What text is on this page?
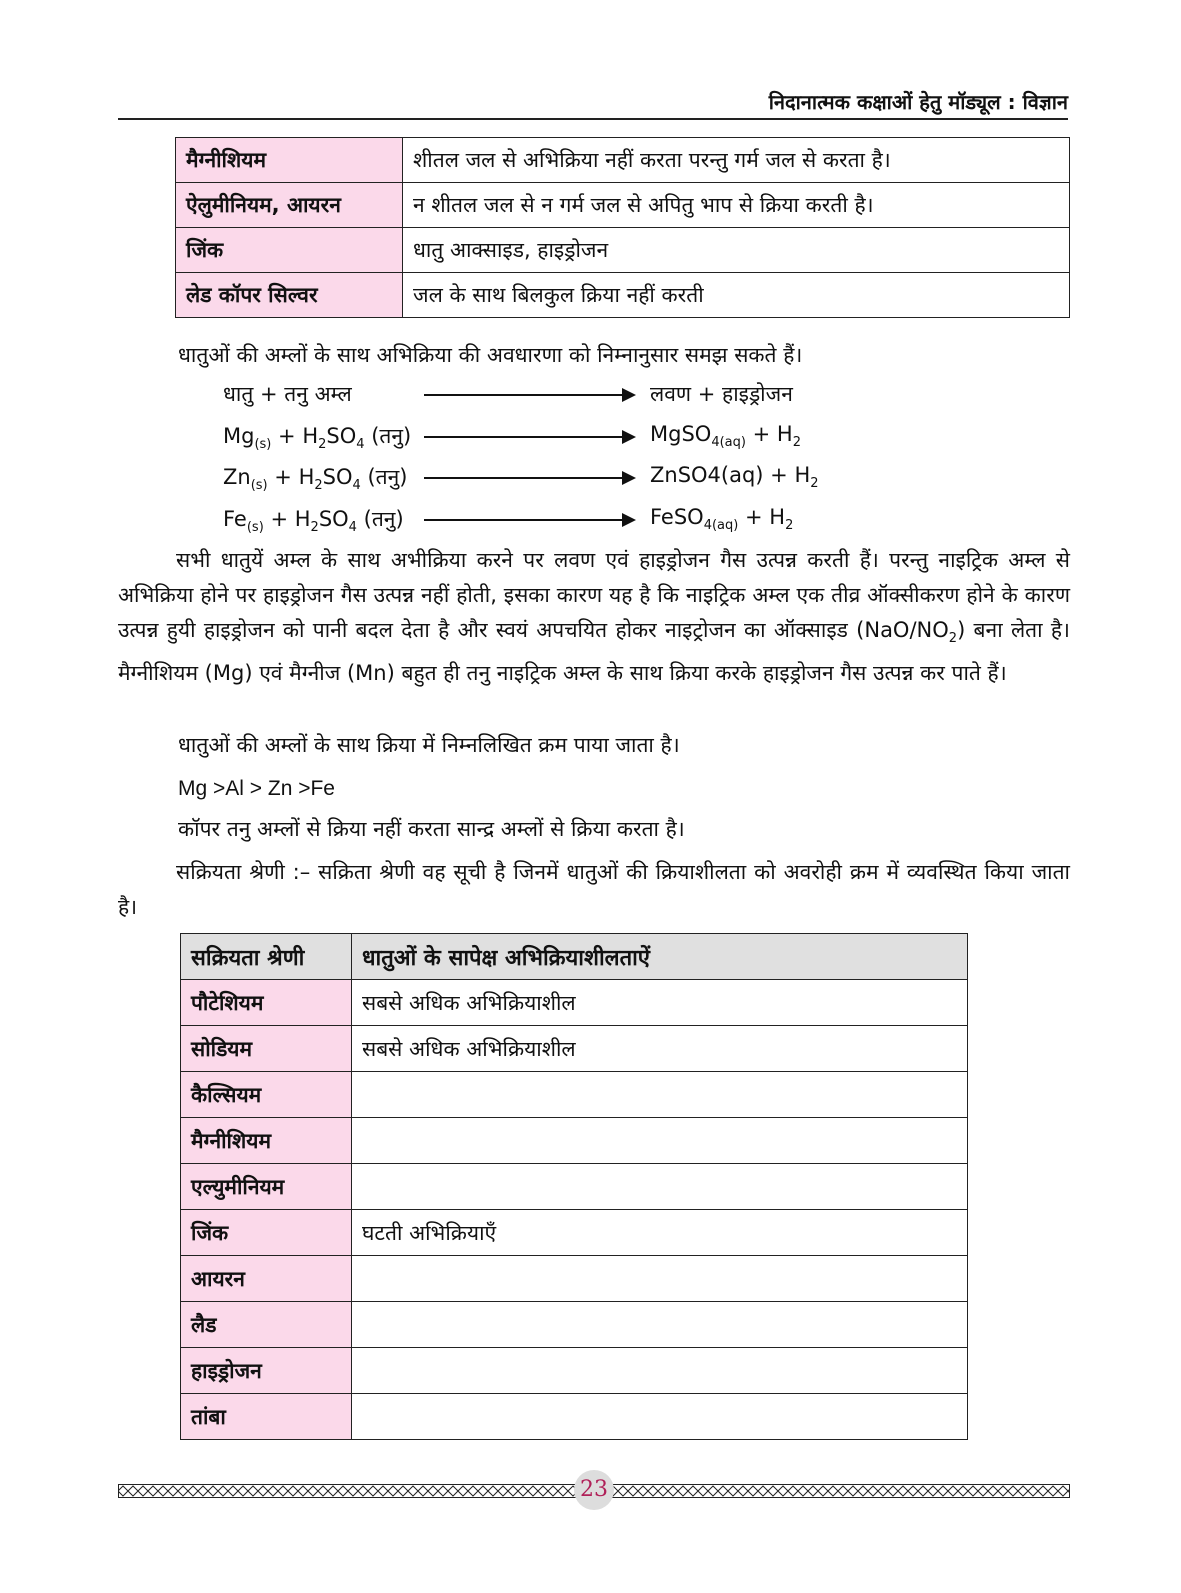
निदानात्मक कक्षाओं हेतु मॉड्यूल : विज्ञान
मैग्नीशियम	शीतल जल से अभिक्रिया नहीं करता परन्तु गर्म जल से करता है।
ऐलुमीनियम, आयरन	न शीतल जल से न गर्म जल से अपितु भाप से क्रिया करती है।
जिंक	धातु आक्साइड, हाइड्रोजन
लेड कॉपर सिल्वर	जल के साथ बिलकुल क्रिया नहीं करती
धातुओं की अम्लों के साथ अभिक्रिया की अवधारणा को निम्नानुसार समझ सकते हैं।
धातु + तनु अम्ल	लवण + हाइड्रोजन
$Mg_{(s)} + H_2SO_4$ (तनु)	MgSO$_{4(aq)}$ + $H_2$
$Zn_{(s)} + H_2SO_4$ (तनु)	ZnSO4(aq) + $H_2$
$Fe_{(s)} + H_2SO_4$ (तनु)	FeSO$_{4(aq)}$ + $H_2$
सभी धातुयें अम्ल के साथ अभीक्रिया करने पर लवण एवं हाइड्रोजन गैस उत्पन्न करती हैं। परन्तु नाइट्रिक अम्ल से अभिक्रिया होने पर हाइड्रोजन गैस उत्पन्न नहीं होती, इसका कारण यह है कि नाइट्रिक अम्ल एक तीव्र ऑक्सीकरण होने के कारण उत्पन्न हुयी हाइड्रोजन को पानी बदल देता है और स्वयं अपचयित होकर नाइट्रोजन का ऑक्साइड $(NaO/NO_2)$ बना लेता है। मैग्नीशियम (Mg) एवं मैग्नीज (Mn) बहुत ही तनु नाइट्रिक अम्ल के साथ क्रिया करके हाइड्रोजन गैस उत्पन्न कर पाते हैं।
धातुओं की अम्लों के साथ क्रिया में निम्नलिखित क्रम पाया जाता है।
Mg >Al > Zn >Fe
कॉपर तनु अम्लों से क्रिया नहीं करता सान्द्र अम्लों से क्रिया करता है।
सक्रियता श्रेणी :– सक्रिता श्रेणी वह सूची है जिनमें धातुओं की क्रियाशीलता को अवरोही क्रम में व्यवस्थित किया जाता है।
सक्रियता श्रेणी	धातुओं के सापेक्ष अभिक्रियाशीलताऐं
पौटेशियम	सबसे अधिक अभिक्रियाशील
सोडियम	सबसे अधिक अभिक्रियाशील
कैल्सियम	
मैग्नीशियम	
एल्युमीनियम	
जिंक	घटती अभिक्रियाएँ
आयरन	
लैड	
हाइड्रोजन	
तांबा	
23
